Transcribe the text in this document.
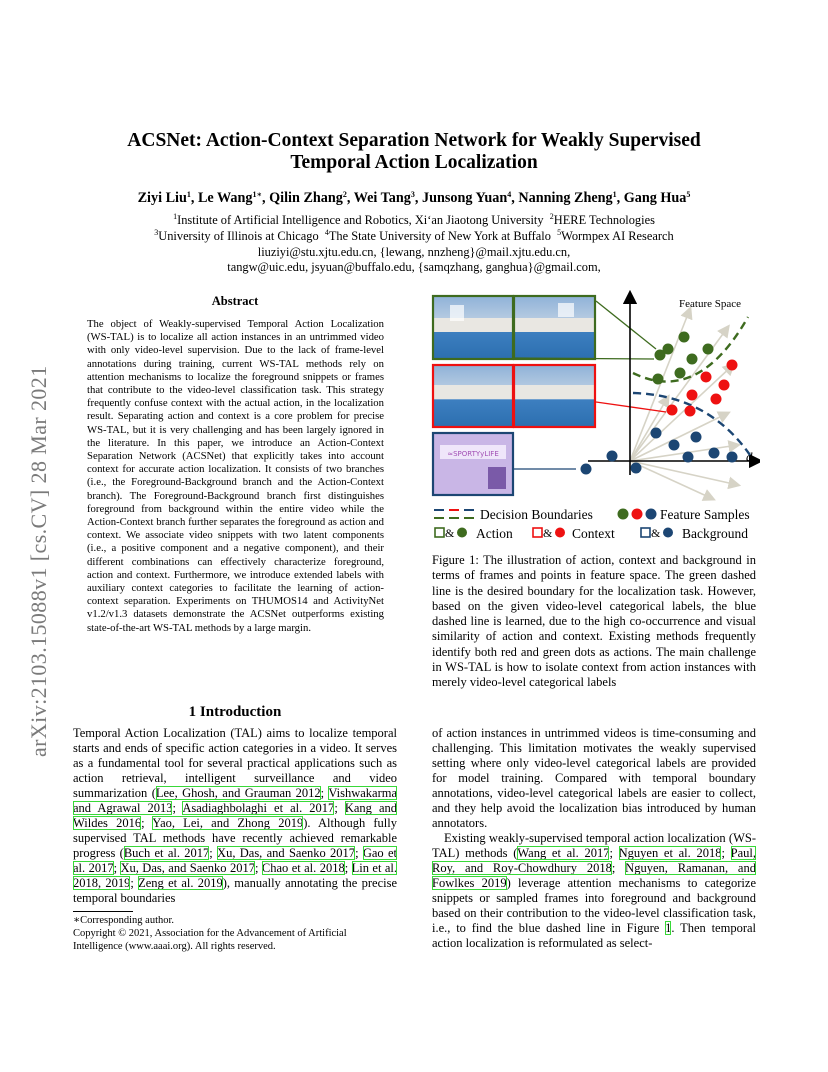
arXiv:2103.15088v1 [cs.CV] 28 Mar 2021
ACSNet: Action-Context Separation Network for Weakly Supervised
Temporal Action Localization
Ziyi Liu$^1$, Le Wang$^{1∗}$, Qilin Zhang$^2$, Wei Tang$^3$, Junsong Yuan$^4$, Nanning Zheng$^1$, Gang Hua$^5$
$^1$Institute of Artificial Intelligence and Robotics, Xi‘an Jiaotong University $^2$HERE Technologies
$^3$University of Illinois at Chicago $^4$The State University of New York at Buffalo $^5$Wormpex AI Research
liuziyi@stu.xjtu.edu.cn, {lewang, nnzheng}@mail.xjtu.edu.cn,
tangw@uic.edu, jsyuan@buffalo.edu, {samqzhang, ganghua}@gmail.com,
Abstract
The object of Weakly-supervised Temporal Action Localization (WS-TAL) is to localize all action instances in an untrimmed video with only video-level supervision. Due to the lack of frame-level annotations during training, current WS-TAL methods rely on attention mechanisms to localize the foreground snippets or frames that contribute to the video-level classification task. This strategy frequently confuse context with the actual action, in the localization result. Separating action and context is a core problem for precise WS-TAL, but it is very challenging and has been largely ignored in the literature. In this paper, we introduce an Action-Context Separation Network (ACSNet) that explicitly takes into account context for accurate action localization. It consists of two branches (i.e., the Foreground-Background branch and the Action-Context branch). The Foreground-Background branch first distinguishes foreground from background within the entire video while the Action-Context branch further separates the foreground as action and context. We associate video snippets with two latent components (i.e., a positive component and a negative component), and their different combinations can effectively characterize foreground, action and context. Furthermore, we introduce extended labels with auxiliary context categories to facilitate the learning of action-context separation. Experiments on THUMOS14 and ActivityNet v1.2/v1.3 datasets demonstrate the ACSNet outperforms existing state-of-the-art WS-TAL methods by a large margin.
≈SPORTYyLIFE	d
Feature Space
Decision Boundaries	Feature Samples
& Action	& Context	& Background
Figure 1: The illustration of action, context and background in terms of frames and points in feature space. The green dashed line is the desired boundary for the localization task. However, based on the given video-level categorical labels, the blue dashed line is learned, due to the high co-occurrence and visual similarity of action and context. Existing methods frequently identify both red and green dots as actions. The main challenge in WS-TAL is how to isolate context from action instances with merely video-level categorical labels
1 Introduction
Temporal Action Localization (TAL) aims to localize temporal starts and ends of specific action categories in a video. It serves as a fundamental tool for several practical applications such as action retrieval, intelligent surveillance and video summarization (Lee, Ghosh, and Grauman 2012; Vishwakarma and Agrawal 2013; Asadiaghbolaghi et al. 2017; Kang and Wildes 2016; Yao, Lei, and Zhong 2019). Although fully supervised TAL methods have recently achieved remarkable progress (Buch et al. 2017; Xu, Das, and Saenko 2017; Gao et al. 2017; Xu, Das, and Saenko 2017; Chao et al. 2018; Lin et al. 2018, 2019; Zeng et al. 2019), manually annotating the precise temporal boundaries
∗Corresponding author.
Copyright © 2021, Association for the Advancement of Artificial Intelligence (www.aaai.org). All rights reserved.

of action instances in untrimmed videos is time-consuming and challenging. This limitation motivates the weakly supervised setting where only video-level categorical labels are provided for model training. Compared with temporal boundary annotations, video-level categorical labels are easier to collect, and they help avoid the localization bias introduced by human annotators.

Existing weakly-supervised temporal action localization (WS-TAL) methods (Wang et al. 2017; Nguyen et al. 2018; Paul, Roy, and Roy-Chowdhury 2018; Nguyen, Ramanan, and Fowlkes 2019) leverage attention mechanisms to categorize snippets or sampled frames into foreground and background based on their contribution to the video-level classification task, i.e., to find the blue dashed line in Figure 1. Then temporal action localization is reformulated as select-
